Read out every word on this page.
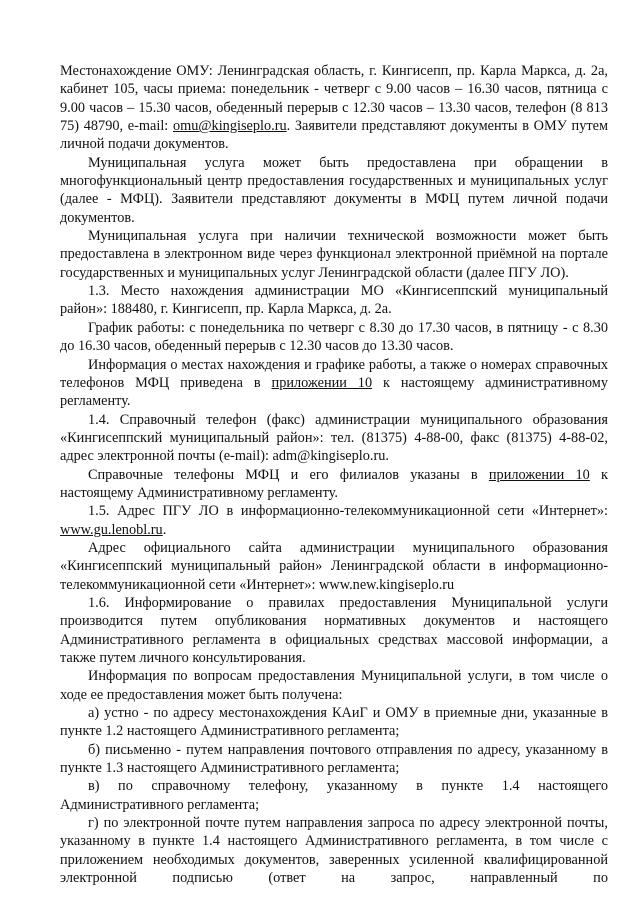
Местонахождение ОМУ: Ленинградская область, г. Кингисепп, пр. Карла Маркса, д. 2а, кабинет 105, часы приема: понедельник - четверг с 9.00 часов – 16.30 часов, пятница с 9.00 часов – 15.30 часов, обеденный перерыв с 12.30 часов – 13.30 часов, телефон (8 813 75) 48790, e-mail: omu@kingiseplo.ru. Заявители представляют документы в ОМУ путем личной подачи документов.

Муниципальная услуга может быть предоставлена при обращении в многофункциональный центр предоставления государственных и муниципальных услуг (далее - МФЦ). Заявители представляют документы в МФЦ путем личной подачи документов.

Муниципальная услуга при наличии технической возможности может быть предоставлена в электронном виде через функционал электронной приёмной на портале государственных и муниципальных услуг Ленинградской области (далее ПГУ ЛО).

1.3. Место нахождения администрации МО «Кингисеппский муниципальный район»: 188480, г. Кингисепп, пр. Карла Маркса, д. 2а.

График работы: с понедельника по четверг с 8.30 до 17.30 часов, в пятницу - с 8.30 до 16.30 часов, обеденный перерыв с 12.30 часов до 13.30 часов.

Информация о местах нахождения и графике работы, а также о номерах справочных телефонов МФЦ приведена в приложении 10 к настоящему административному регламенту.

1.4. Справочный телефон (факс) администрации муниципального образования «Кингисеппский муниципальный район»: тел. (81375) 4-88-00, факс (81375) 4-88-02, адрес электронной почты (e-mail): adm@kingiseplo.ru.

Справочные телефоны МФЦ и его филиалов указаны в приложении 10 к настоящему Административному регламенту.

1.5. Адрес ПГУ ЛО в информационно-телекоммуникационной сети «Интернет»: www.gu.lenobl.ru.

Адрес официального сайта администрации муниципального образования «Кингисеппский муниципальный район» Ленинградской области в информационно-телекоммуникационной сети «Интернет»: www.new.kingiseplo.ru

1.6. Информирование о правилах предоставления Муниципальной услуги производится путем опубликования нормативных документов и настоящего Административного регламента в официальных средствах массовой информации, а также путем личного консультирования.

Информация по вопросам предоставления Муниципальной услуги, в том числе о ходе ее предоставления может быть получена:

а) устно - по адресу местонахождения КАиГ и ОМУ в приемные дни, указанные в пункте 1.2 настоящего Административного регламента;

б) письменно - путем направления почтового отправления по адресу, указанному в пункте 1.3 настоящего Административного регламента;

в) по справочному телефону, указанному в пункте 1.4 настоящего Административного регламента;

г) по электронной почте путем направления запроса по адресу электронной почты, указанному в пункте 1.4 настоящего Административного регламента, в том числе с приложением необходимых документов, заверенных усиленной квалифицированной электронной подписью (ответ на запрос, направленный по
